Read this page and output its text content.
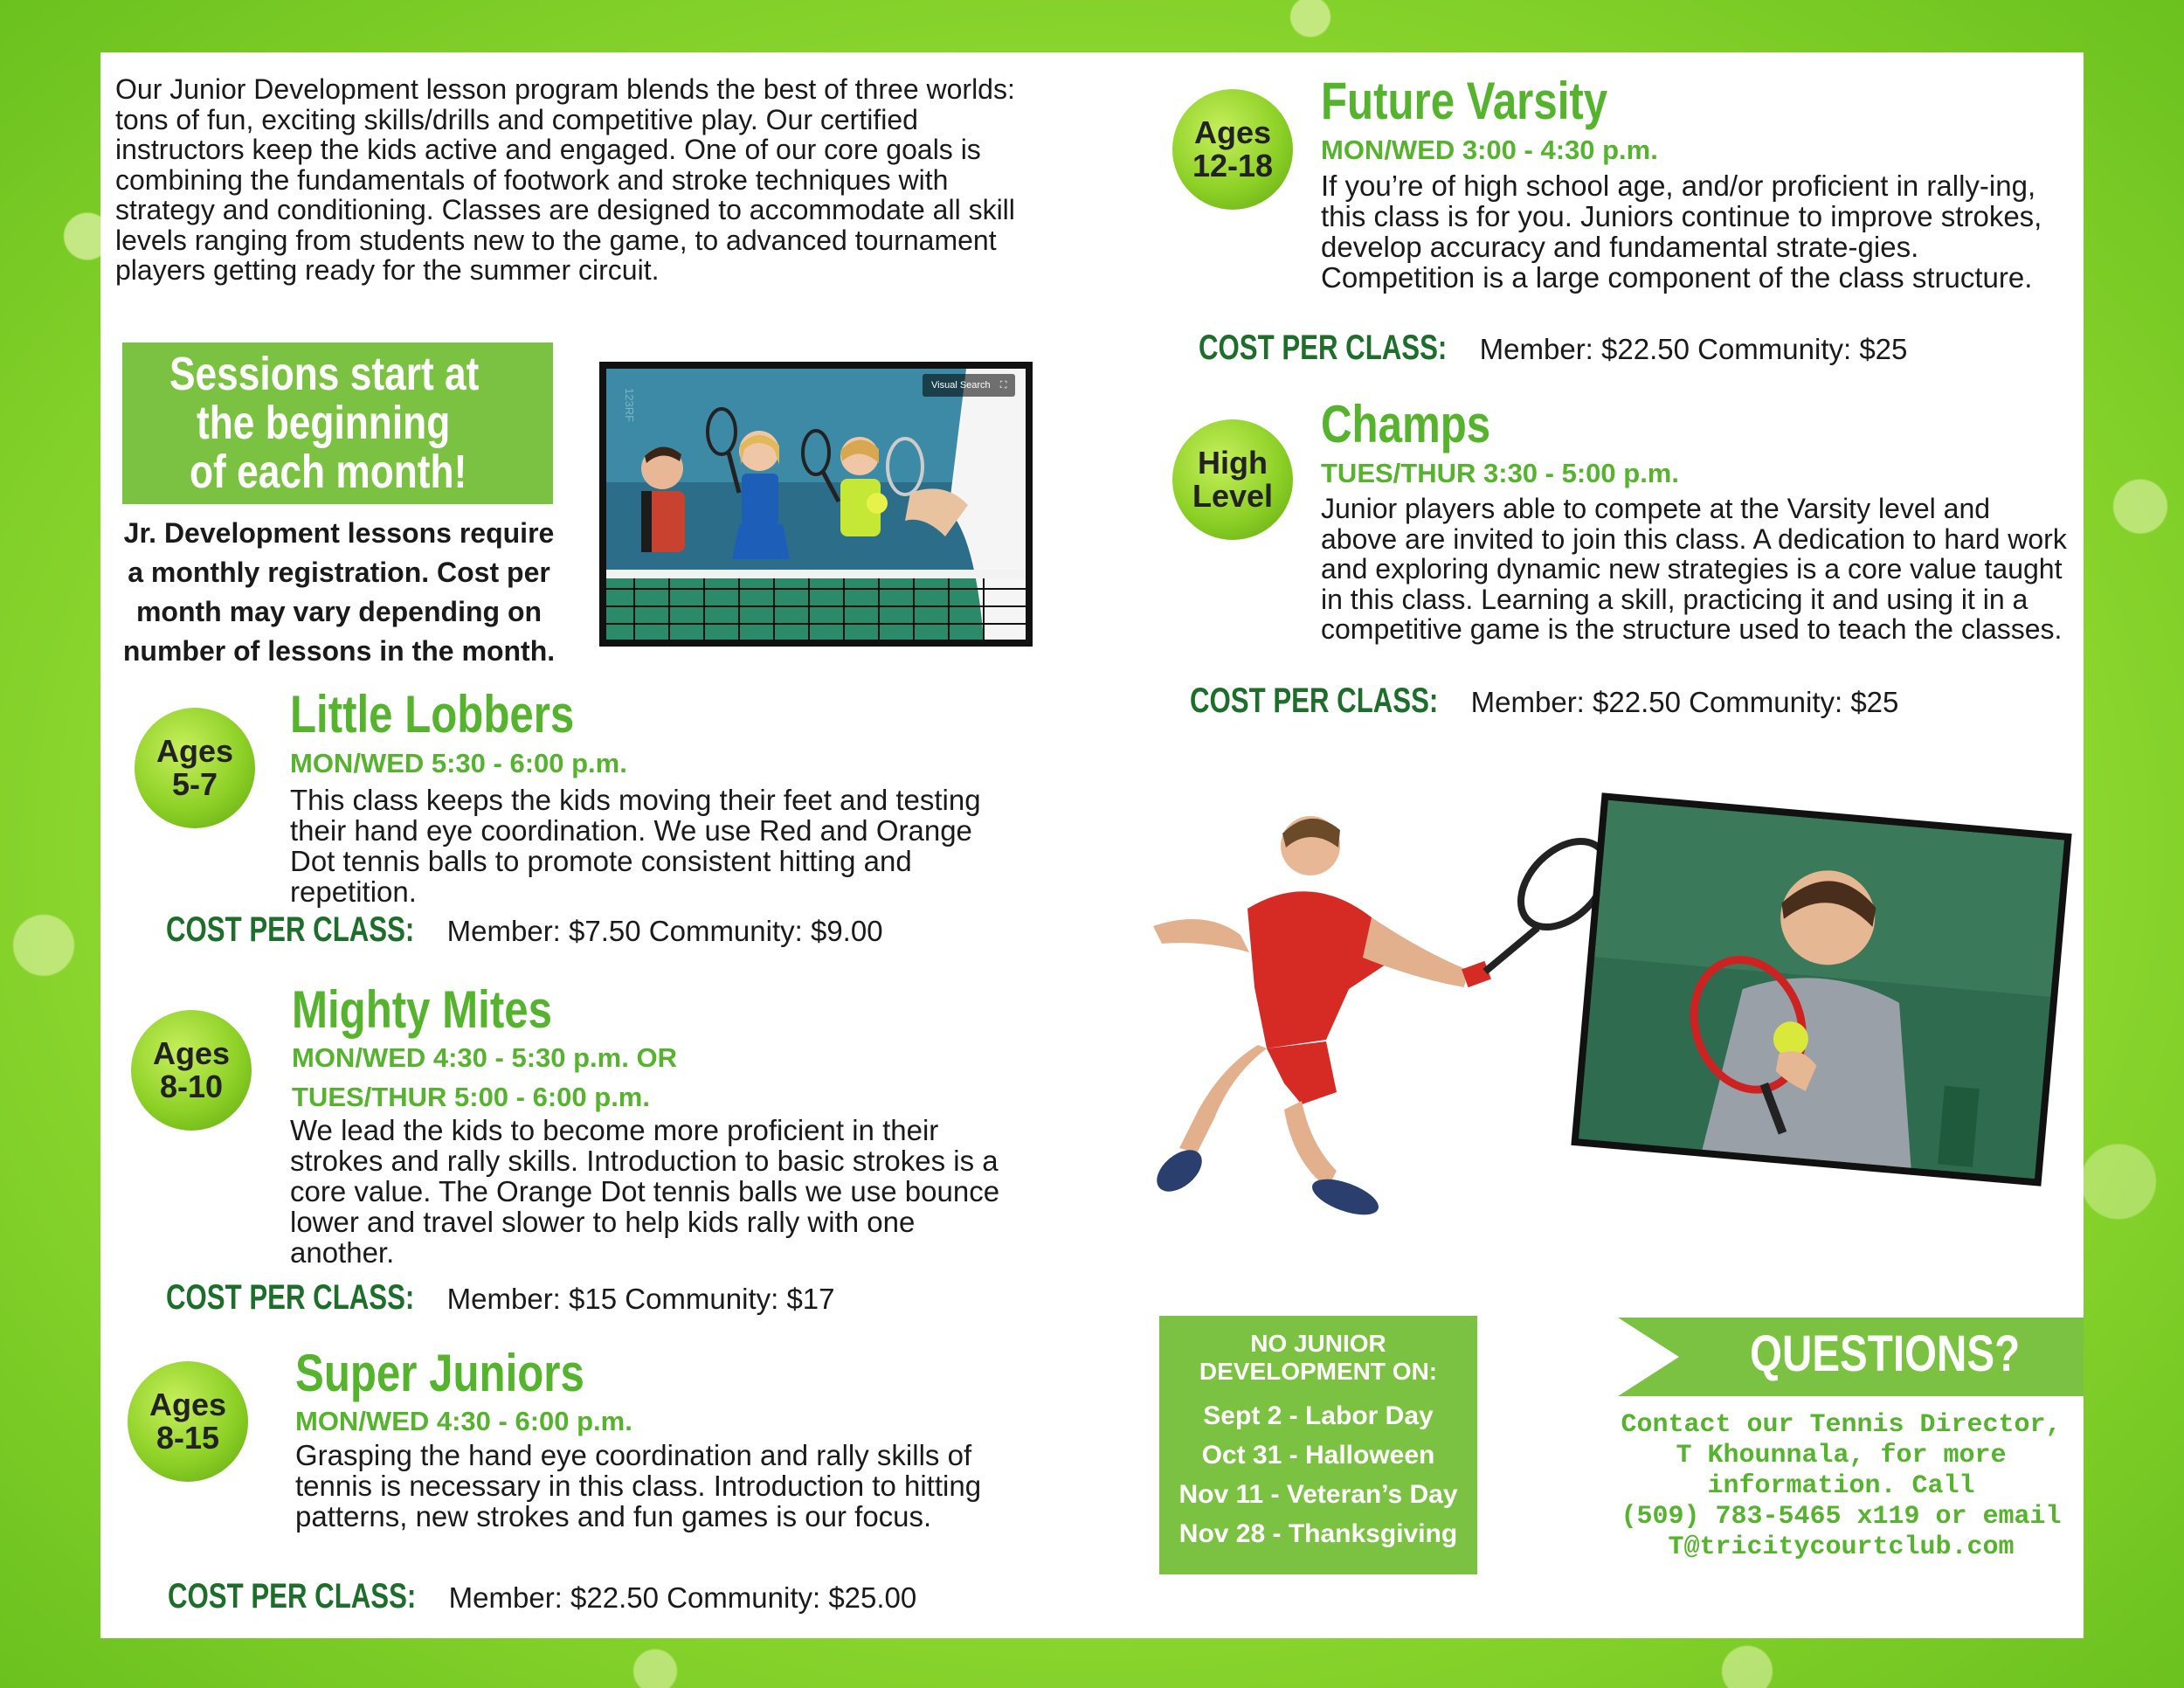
Our Junior Development lesson program blends the best of three worlds: tons of fun, exciting skills/drills and competitive play. Our certified instructors keep the kids active and engaged. One of our core goals is combining the fundamentals of footwork and stroke techniques with strategy and conditioning. Classes are designed to accommodate all skill levels ranging from students new to the game, to advanced tournament players getting ready for the summer circuit.
Sessions start at
the beginning
of each month!
Jr. Development lessons require
a monthly registration. Cost per
month may vary depending on
number of lessons in the month.
123RF
Visual Search ⛶
Ages
5-7
Little Lobbers
MON/WED 5:30 - 6:00 p.m.
This class keeps the kids moving their feet and testing their hand eye coordination. We use Red and Orange Dot tennis balls to promote consistent hitting and repetition.
COST PER CLASS: Member: $7.50 Community: $9.00
Ages
8-10
Mighty Mites
MON/WED 4:30 - 5:30 p.m. OR
TUES/THUR 5:00 - 6:00 p.m.
We lead the kids to become more proficient in their strokes and rally skills. Introduction to basic strokes is a core value. The Orange Dot tennis balls we use bounce lower and travel slower to help kids rally with one another.
COST PER CLASS: Member: $15 Community: $17
Ages
8-15
Super Juniors
MON/WED 4:30 - 6:00 p.m.
Grasping the hand eye coordination and rally skills of tennis is necessary in this class. Introduction to hitting patterns, new strokes and fun games is our focus.
COST PER CLASS: Member: $22.50 Community: $25.00
Ages
12-18
Future Varsity
MON/WED 3:00 - 4:30 p.m.
If you’re of high school age, and/or proficient in rally-ing, this class is for you. Juniors continue to improve strokes, develop accuracy and fundamental strate-gies. Competition is a large component of the class structure.
COST PER CLASS: Member: $22.50 Community: $25
High
Level
Champs
TUES/THUR 3:30 - 5:00 p.m.
Junior players able to compete at the Varsity level and above are invited to join this class. A dedication to hard work and exploring dynamic new strategies is a core value taught in this class. Learning a skill, practicing it and using it in a competitive game is the structure used to teach the classes.
COST PER CLASS: Member: $22.50 Community: $25
NO JUNIOR
DEVELOPMENT ON:
Sept 2 - Labor Day
Oct 31 - Halloween
Nov 11 - Veteran’s Day
Nov 28 - Thanksgiving
QUESTIONS?
Contact our Tennis Director,
T Khounnala, for more
information. Call
(509) 783-5465 x119 or email
T@tricitycourtclub.com
